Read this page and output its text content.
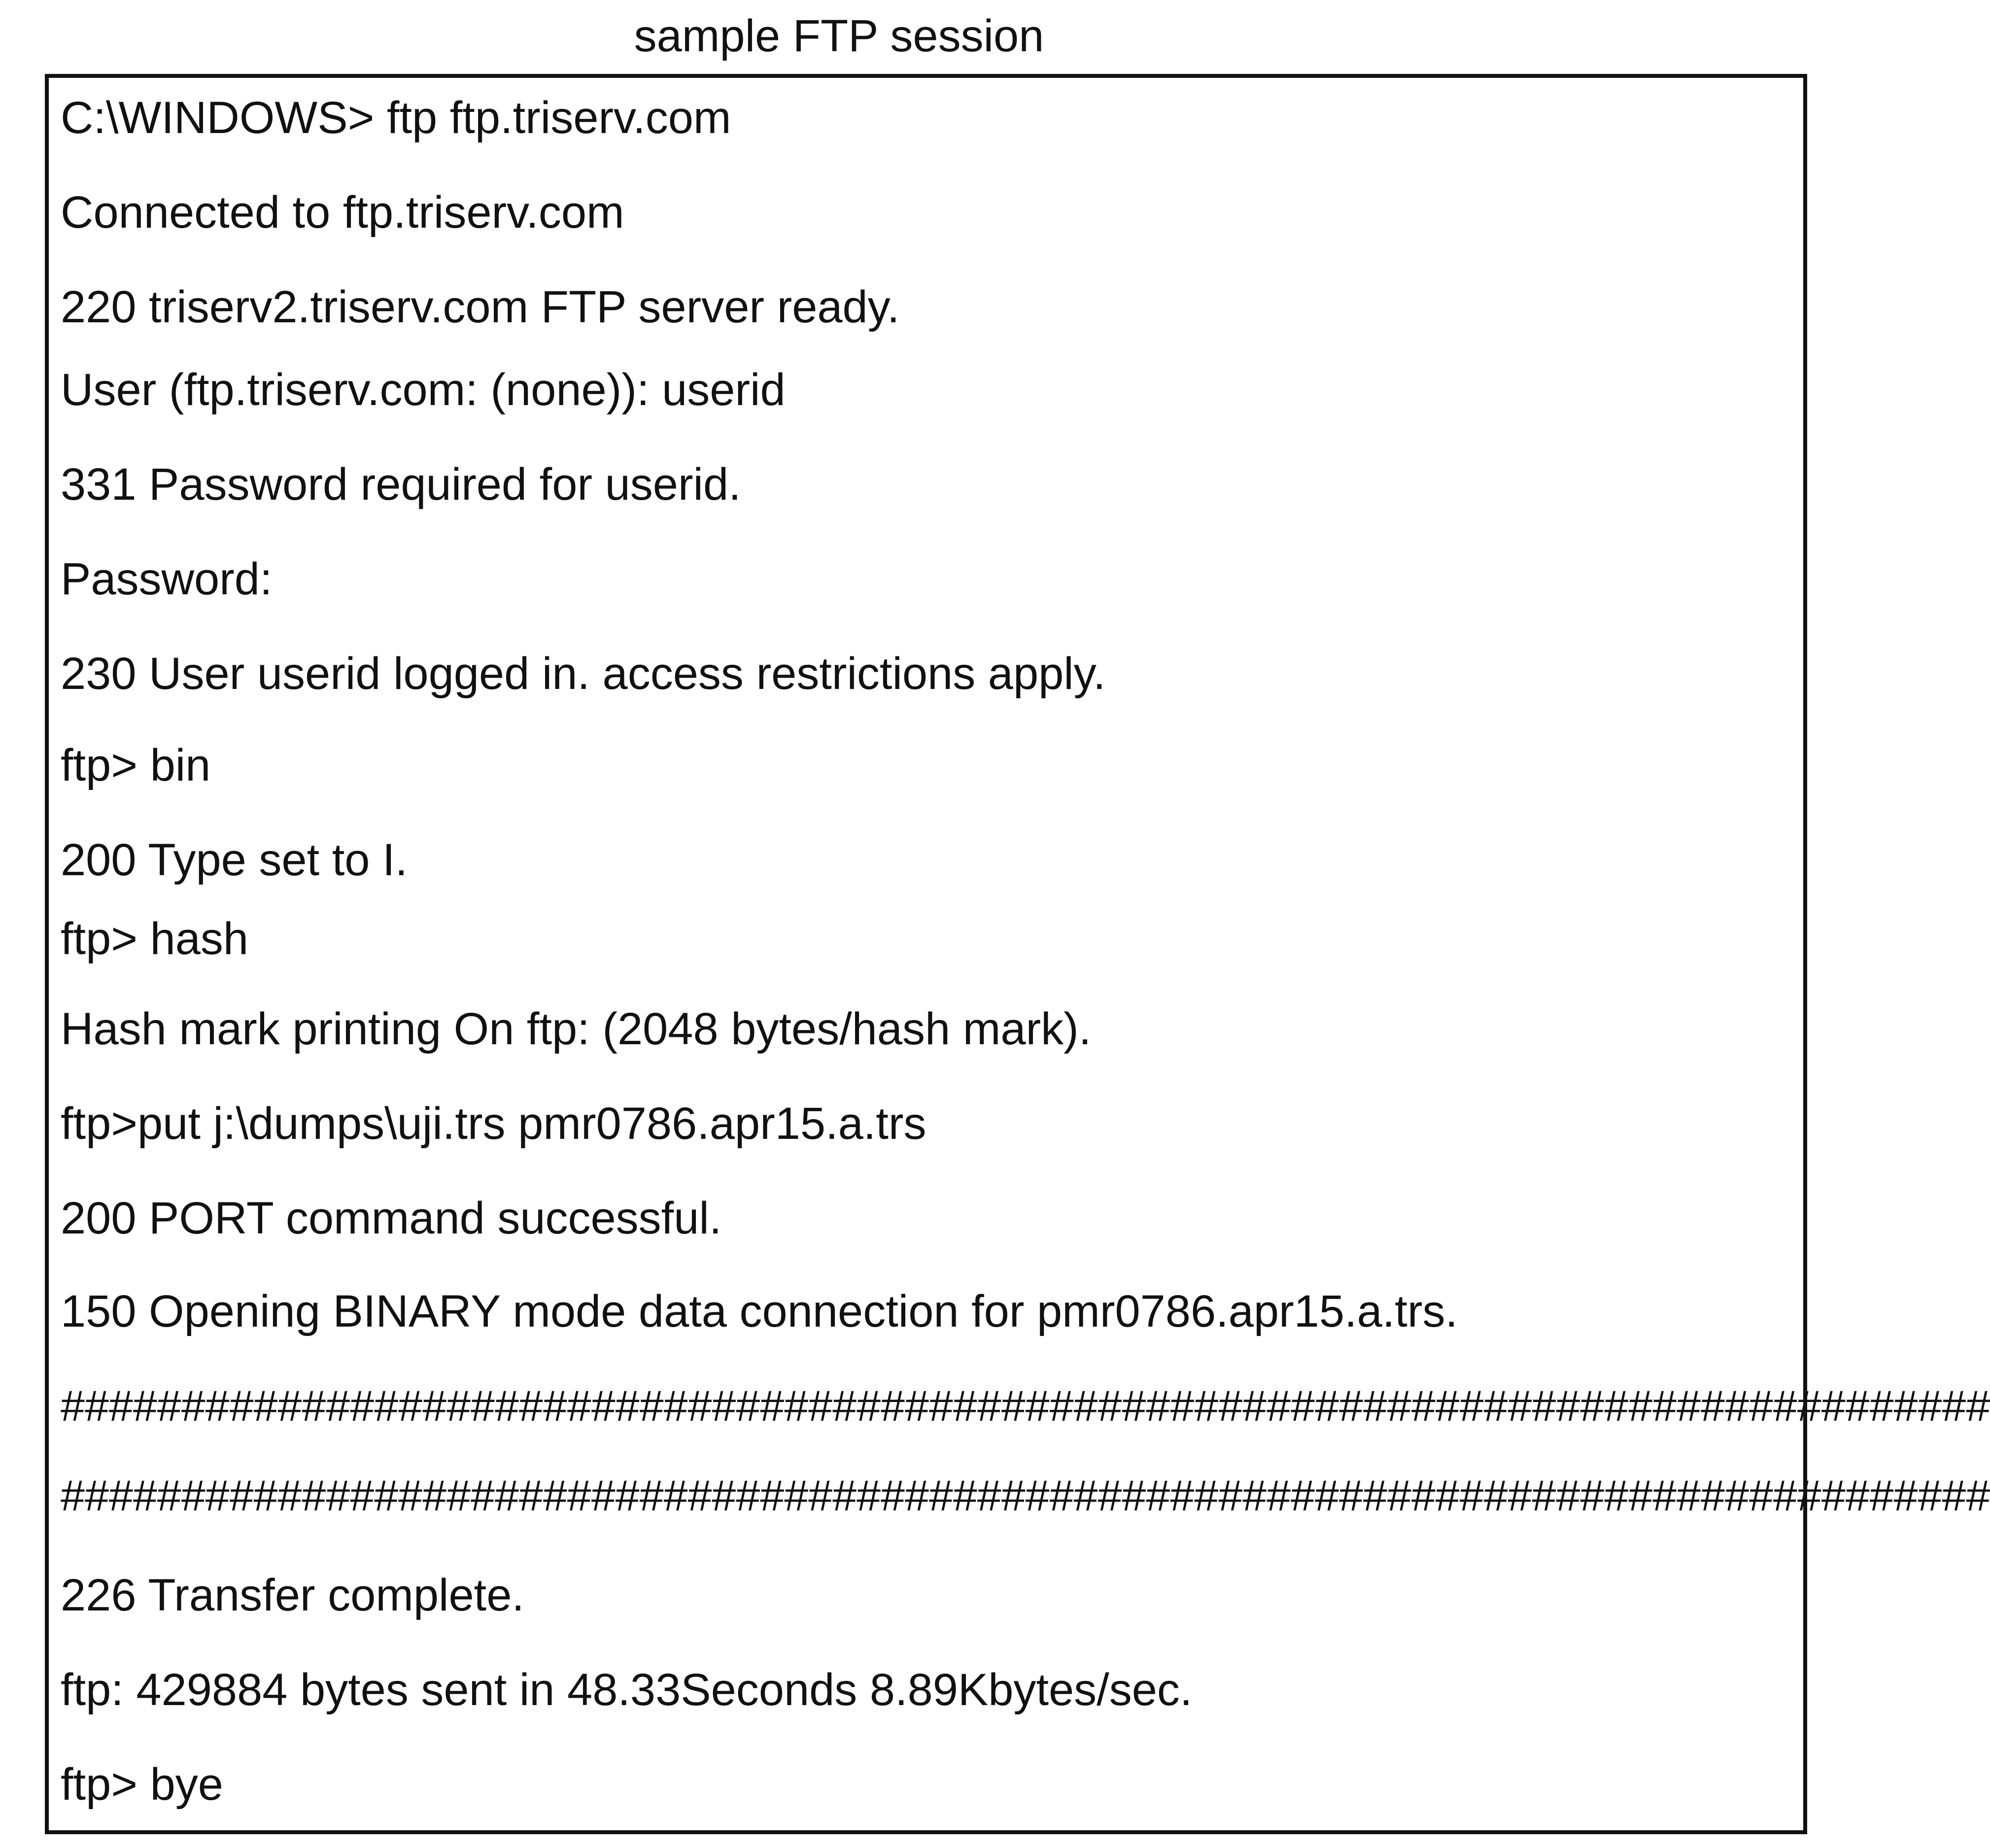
sample FTP session
C:\WINDOWS> ftp ftp.triserv.com
Connected to ftp.triserv.com
220 triserv2.triserv.com FTP server ready.
User (ftp.triserv.com: (none)): userid
331 Password required for userid.
Password:
230 User userid logged in. access restrictions apply.
ftp> bin
200 Type set to I.
ftp> hash
Hash mark printing On ftp: (2048 bytes/hash mark).
ftp>put j:\dumps\uji.trs pmr0786.apr15.a.trs
200 PORT command successful.
150 Opening BINARY mode data connection for pmr0786.apr15.a.trs.
################################################################################
################################################################################
226 Transfer complete.
ftp: 429884 bytes sent in 48.33Seconds 8.89Kbytes/sec.
ftp> bye
